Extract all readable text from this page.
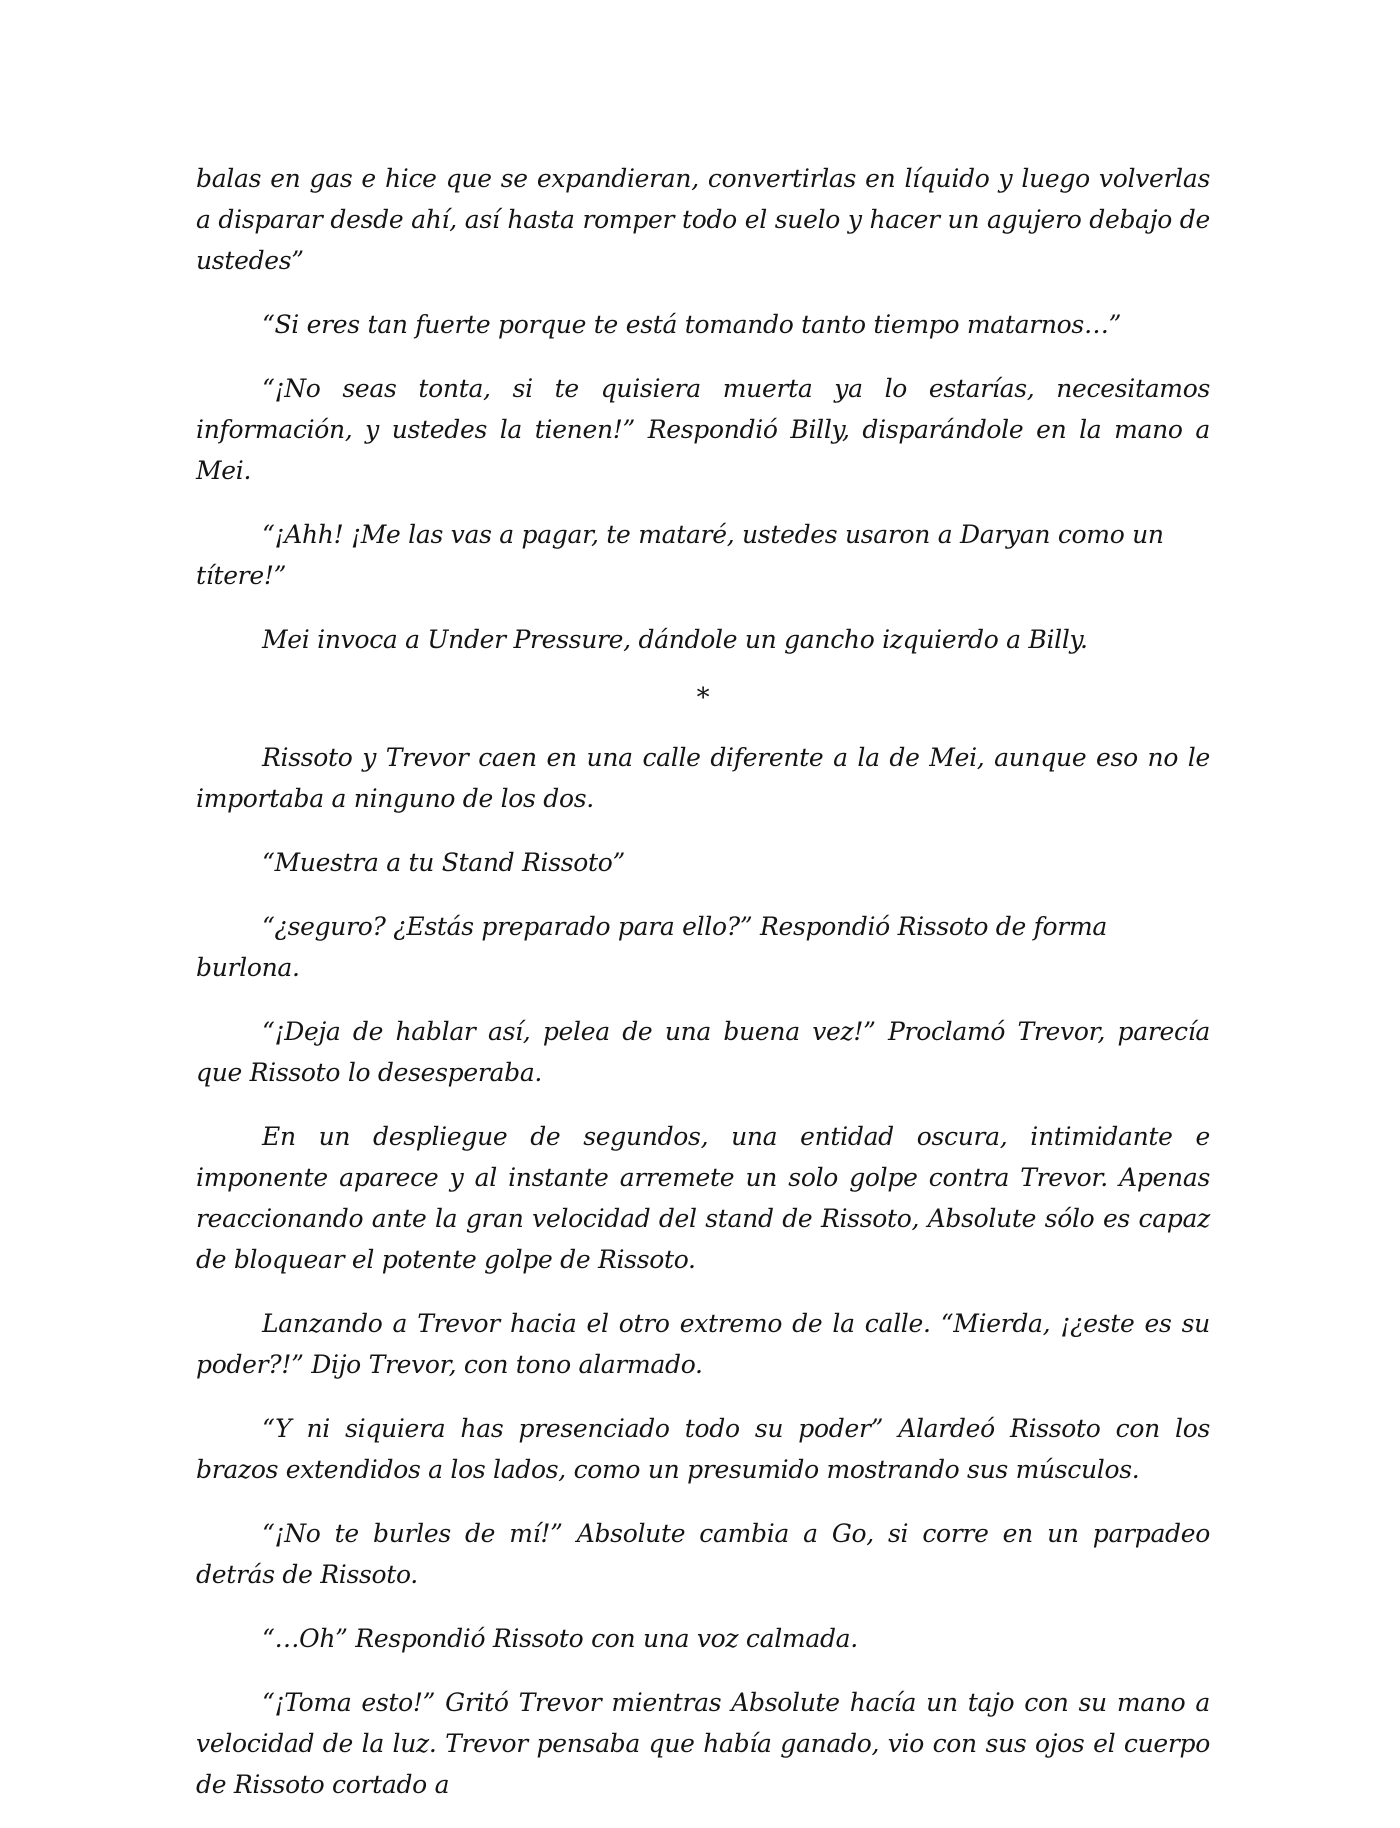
balas en gas e hice que se expandieran, convertirlas en líquido y luego volverlas a disparar desde ahí, así hasta romper todo el suelo y hacer un agujero debajo de ustedes”

“Si eres tan fuerte porque te está tomando tanto tiempo matarnos…”

“¡No seas tonta, si te quisiera muerta ya lo estarías, necesitamos información, y ustedes la tienen!” Respondió Billy, disparándole en la mano a Mei.

“¡Ahh! ¡Me las vas a pagar, te mataré, ustedes usaron a Daryan como un títere!”

Mei invoca a Under Pressure, dándole un gancho izquierdo a Billy.

*

Rissoto y Trevor caen en una calle diferente a la de Mei, aunque eso no le importaba a ninguno de los dos.

“Muestra a tu Stand Rissoto”

“¿seguro? ¿Estás preparado para ello?” Respondió Rissoto de forma burlona.

“¡Deja de hablar así, pelea de una buena vez!” Proclamó Trevor, parecía que Rissoto lo desesperaba.

En un despliegue de segundos, una entidad oscura, intimidante e imponente aparece y al instante arremete un solo golpe contra Trevor. Apenas reaccionando ante la gran velocidad del stand de Rissoto, Absolute sólo es capaz de bloquear el potente golpe de Rissoto.

Lanzando a Trevor hacia el otro extremo de la calle. “Mierda, ¡¿este es su poder?!” Dijo Trevor, con tono alarmado.

“Y ni siquiera has presenciado todo su poder” Alardeó Rissoto con los brazos extendidos a los lados, como un presumido mostrando sus músculos.

“¡No te burles de mí!” Absolute cambia a Go, si corre en un parpadeo detrás de Rissoto.

“…Oh” Respondió Rissoto con una voz calmada.

“¡Toma esto!” Gritó Trevor mientras Absolute hacía un tajo con su mano a velocidad de la luz. Trevor pensaba que había ganado, vio con sus ojos el cuerpo de Rissoto cortado a
